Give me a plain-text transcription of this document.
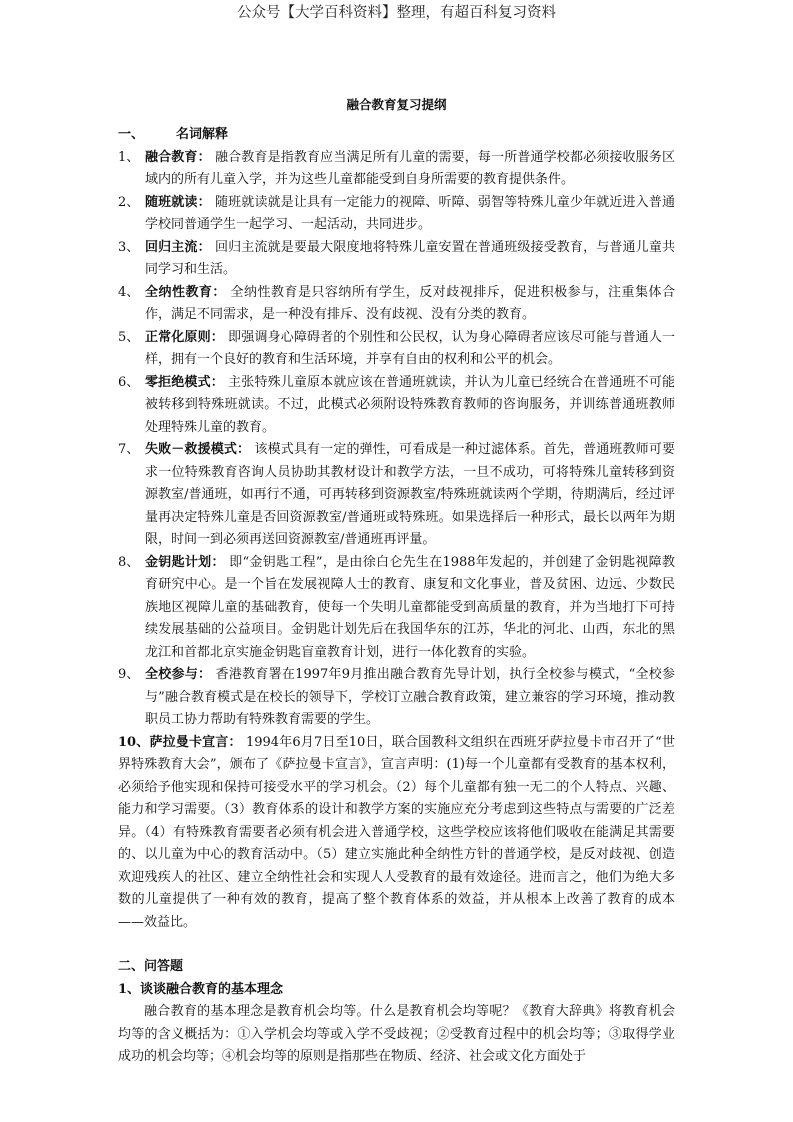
公众号【大学百科资料】整理，有超百科复习资料
融合教育复习提纲
一、 名词解释
1、 融合教育： 融合教育是指教育应当满足所有儿童的需要，每一所普通学校都必须接收服务区域内的所有儿童入学，并为这些儿童都能受到自身所需要的教育提供条件。
2、 随班就读： 随班就读就是让具有一定能力的视障、听障、弱智等特殊儿童少年就近进入普通学校同普通学生一起学习、一起活动，共同进步。
3、 回归主流： 回归主流就是要最大限度地将特殊儿童安置在普通班级接受教育，与普通儿童共同学习和生活。
4、 全纳性教育： 全纳性教育是只容纳所有学生，反对歧视排斥，促进积极参与，注重集体合作，满足不同需求，是一种没有排斥、没有歧视、没有分类的教育。
5、 正常化原则： 即强调身心障碍者的个别性和公民权，认为身心障碍者应该尽可能与普通人一样，拥有一个良好的教育和生活环境，并享有自由的权利和公平的机会。
6、 零拒绝模式： 主张特殊儿童原本就应该在普通班就读，并认为儿童已经统合在普通班不可能被转移到特殊班就读。不过，此模式必须附设特殊教育教师的咨询服务，并训练普通班教师处理特殊儿童的教育。
7、 失败－救援模式： 该模式具有一定的弹性，可看成是一种过滤体系。首先，普通班教师可要求一位特殊教育咨询人员协助其教材设计和教学方法，一旦不成功，可将特殊儿童转移到资源教室/普通班，如再行不通，可再转移到资源教室/特殊班就读两个学期，待期满后，经过评量再决定特殊儿童是否回资源教室/普通班或特殊班。如果选择后一种形式，最长以两年为期限，时间一到必须再送回资源教室/普通班再评量。
8、 金钥匙计划： 即“金钥匙工程”，是由徐白仑先生在1988年发起的，并创建了金钥匙视障教育研究中心。是一个旨在发展视障人士的教育、康复和文化事业，普及贫困、边远、少数民族地区视障儿童的基础教育，使每一个失明儿童都能受到高质量的教育，并为当地打下可持续发展基础的公益项目。金钥匙计划先后在我国华东的江苏，华北的河北、山西，东北的黑龙江和首都北京实施金钥匙盲童教育计划，进行一体化教育的实验。
9、 全校参与： 香港教育署在1997年9月推出融合教育先导计划，执行全校参与模式，“全校参与”融合教育模式是在校长的领导下，学校订立融合教育政策，建立兼容的学习环境，推动教职员工协力帮助有特殊教育需要的学生。
10、萨拉曼卡宣言： 1994年6月7日至10日，联合国教科文组织在西班牙萨拉曼卡市召开了“世界特殊教育大会”，颁布了《萨拉曼卡宣言》，宣言声明：(1)每一个儿童都有受教育的基本权利，必须给予他实现和保持可接受水平的学习机会。（2）每个儿童都有独一无二的个人特点、兴趣、能力和学习需要。（3）教育体系的设计和教学方案的实施应充分考虑到这些特点与需要的广泛差异。（4）有特殊教育需要者必须有机会进入普通学校，这些学校应该将他们吸收在能满足其需要的、以儿童为中心的教育活动中。（5）建立实施此种全纳性方针的普通学校，是反对歧视、创造欢迎残疾人的社区、建立全纳性社会和实现人人受教育的最有效途径。进而言之，他们为绝大多数的儿童提供了一种有效的教育，提高了整个教育体系的效益，并从根本上改善了教育的成本——效益比。
二、问答题
1、谈谈融合教育的基本理念
融合教育的基本理念是教育机会均等。什么是教育机会均等呢？《教育大辞典》将教育机会均等的含义概括为：①入学机会均等或入学不受歧视；②受教育过程中的机会均等；③取得学业成功的机会均等；④机会均等的原则是指那些在物质、经济、社会或文化方面处于
